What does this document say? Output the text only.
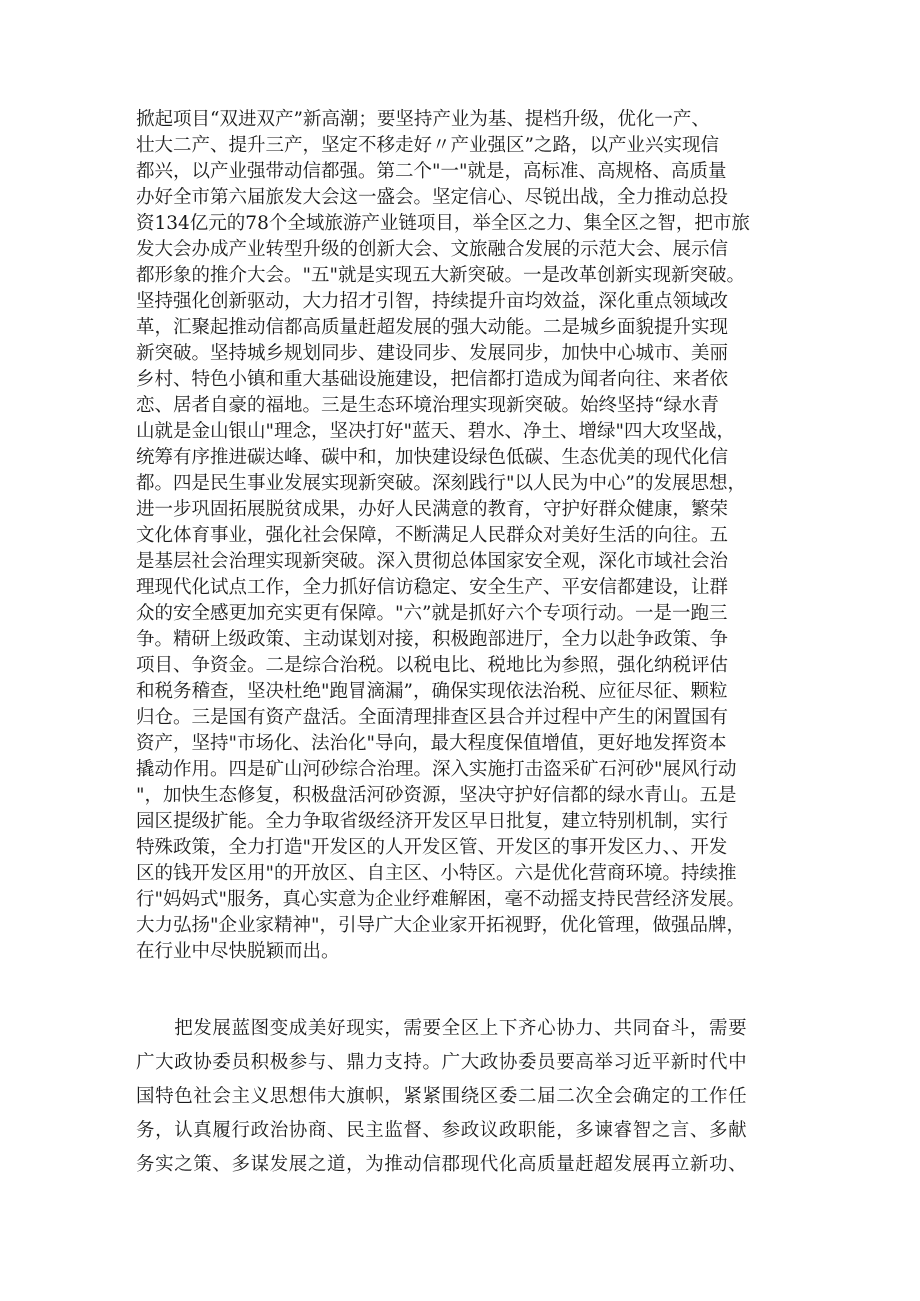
掀起项目“双进双产”新高潮；要坚持产业为基、提档升级，优化一产、
壮大二产、提升三产，坚定不移走好〃产业强区”之路，以产业兴实现信
都兴，以产业强带动信都强。第二个"一"就是，高标准、高规格、高质量
办好全市第六届旅发大会这一盛会。坚定信心、尽锐出战，全力推动总投
资134亿元的78个全域旅游产业链项目，举全区之力、集全区之智，把市旅
发大会办成产业转型升级的创新大会、文旅融合发展的示范大会、展示信
都形象的推介大会。"五"就是实现五大新突破。一是改革创新实现新突破。
坚持强化创新驱动，大力招才引智，持续提升亩均效益，深化重点领域改
革，汇聚起推动信都高质量赶超发展的强大动能。二是城乡面貌提升实现
新突破。坚持城乡规划同步、建设同步、发展同步，加快中心城市、美丽
乡村、特色小镇和重大基础设施建设，把信都打造成为闻者向往、来者依
恋、居者自豪的福地。三是生态环境治理实现新突破。始终坚持“绿水青
山就是金山银山"理念，坚决打好"蓝天、碧水、净土、增绿"四大攻坚战，
统筹有序推进碳达峰、碳中和，加快建设绿色低碳、生态优美的现代化信
都。四是民生事业发展实现新突破。深刻践行"以人民为中心”的发展思想，
进一步巩固拓展脱贫成果，办好人民满意的教育，守护好群众健康，繁荣
文化体育事业，强化社会保障，不断满足人民群众对美好生活的向往。五
是基层社会治理实现新突破。深入贯彻总体国家安全观，深化市域社会治
理现代化试点工作，全力抓好信访稳定、安全生产、平安信都建设，让群
众的安全感更加充实更有保障。"六”就是抓好六个专项行动。一是一跑三
争。精研上级政策、主动谋划对接，积极跑部进厅，全力以赴争政策、争
项目、争资金。二是综合治税。以税电比、税地比为参照，强化纳税评估
和税务稽查，坚决杜绝"跑冒滴漏”，确保实现依法治税、应征尽征、颗粒
归仓。三是国有资产盘活。全面清理排查区县合并过程中产生的闲置国有
资产，坚持"市场化、法治化"导向，最大程度保值增值，更好地发挥资本
撬动作用。四是矿山河砂综合治理。深入实施打击盗采矿石河砂"展风行动
"，加快生态修复，积极盘活河砂资源，坚决守护好信都的绿水青山。五是
园区提级扩能。全力争取省级经济开发区早日批复，建立特别机制，实行
特殊政策，全力打造"开发区的人开发区管、开发区的事开发区力、、开发
区的钱开发区用"的开放区、自主区、小特区。六是优化营商环境。持续推
行"妈妈式"服务，真心实意为企业纾难解困，毫不动摇支持民营经济发展。
大力弘扬"企业家精神"，引导广大企业家开拓视野，优化管理，做强品牌，
在行业中尽快脱颖而出。
　　把发展蓝图变成美好现实，需要全区上下齐心协力、共同奋斗，需要
广大政协委员积极参与、鼎力支持。广大政协委员要高举习近平新时代中
国特色社会主义思想伟大旗帜，紧紧围绕区委二届二次全会确定的工作任
务，认真履行政治协商、民主监督、参政议政职能，多谏睿智之言、多献
务实之策、多谋发展之道，为推动信郡现代化高质量赶超发展再立新功、
